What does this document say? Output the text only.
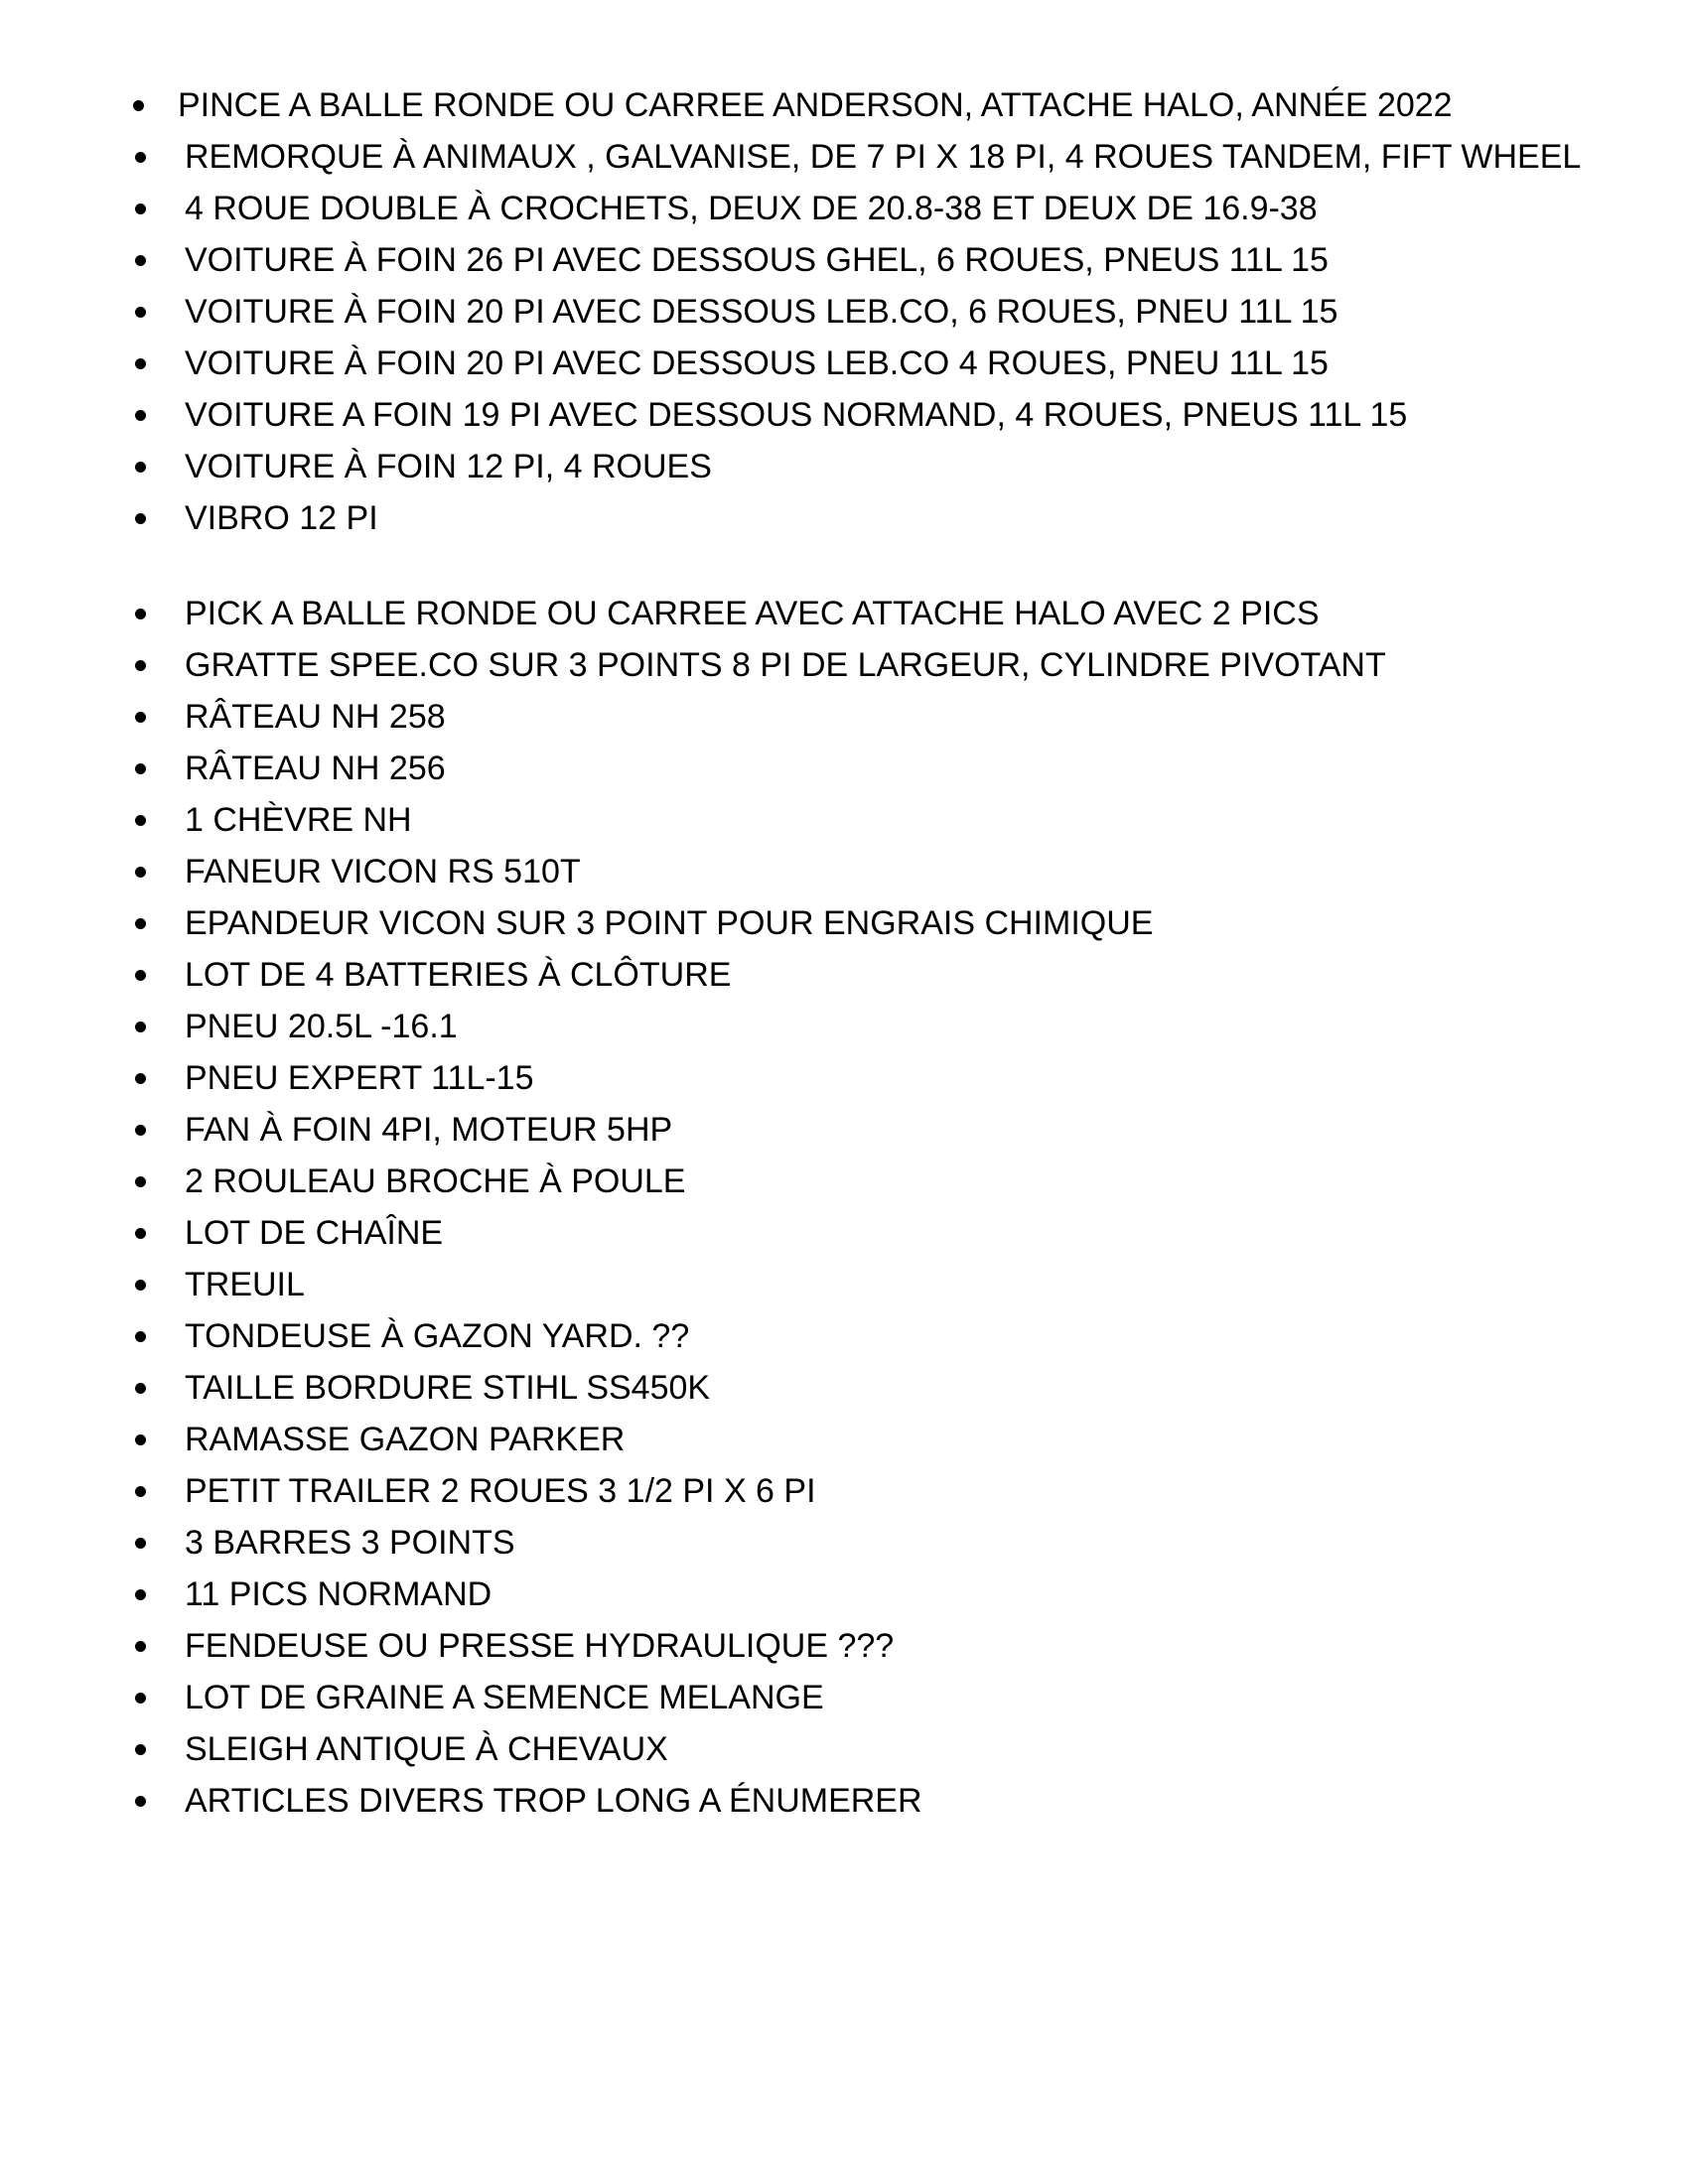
PINCE A BALLE RONDE OU CARREE ANDERSON, ATTACHE HALO, ANNÉE 2022
REMORQUE À ANIMAUX , GALVANISE, DE 7 PI X 18 PI, 4 ROUES TANDEM, FIFT WHEEL
4 ROUE DOUBLE À CROCHETS, DEUX DE 20.8-38 ET DEUX DE 16.9-38
VOITURE À FOIN 26 PI AVEC DESSOUS GHEL, 6 ROUES, PNEUS 11L 15
VOITURE À FOIN 20 PI AVEC DESSOUS LEB.CO, 6 ROUES, PNEU 11L 15
VOITURE À FOIN 20 PI AVEC DESSOUS LEB.CO 4 ROUES, PNEU 11L 15
VOITURE A FOIN 19 PI AVEC DESSOUS NORMAND, 4 ROUES, PNEUS 11L 15
VOITURE À FOIN 12 PI, 4 ROUES
VIBRO 12 PI
PICK A BALLE RONDE OU CARREE AVEC ATTACHE HALO AVEC 2 PICS
GRATTE SPEE.CO SUR 3 POINTS 8 PI DE LARGEUR, CYLINDRE PIVOTANT
RÂTEAU NH 258
RÂTEAU NH 256
1 CHÈVRE NH
FANEUR VICON RS 510T
EPANDEUR VICON SUR 3 POINT POUR ENGRAIS CHIMIQUE
LOT DE 4 BATTERIES À CLÔTURE
PNEU 20.5L -16.1
PNEU EXPERT 11L-15
FAN À FOIN 4PI, MOTEUR 5HP
2 ROULEAU BROCHE À POULE
LOT DE CHAÎNE
TREUIL
TONDEUSE À GAZON YARD. ??
TAILLE BORDURE STIHL SS450K
RAMASSE GAZON PARKER
PETIT TRAILER 2 ROUES 3 1/2 PI X 6 PI
3 BARRES 3 POINTS
11 PICS NORMAND
FENDEUSE OU PRESSE HYDRAULIQUE ???
LOT DE GRAINE A SEMENCE MELANGE
SLEIGH ANTIQUE À CHEVAUX
ARTICLES DIVERS TROP LONG A ÉNUMERER
